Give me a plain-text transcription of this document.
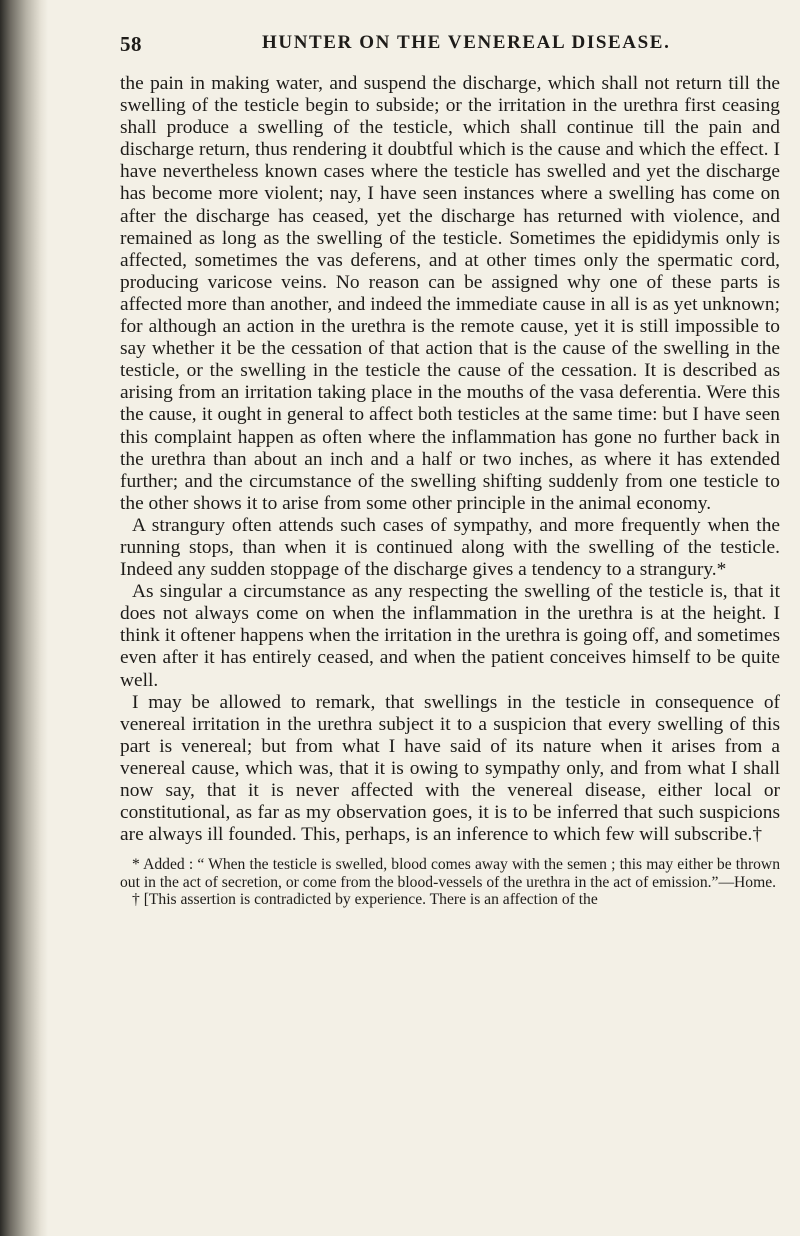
58	HUNTER ON THE VENEREAL DISEASE.

the pain in making water, and suspend the discharge, which shall not return till the swelling of the testicle begin to subside; or the irritation in the urethra first ceasing shall produce a swelling of the testicle, which shall continue till the pain and discharge return, thus rendering it doubtful which is the cause and which the effect. I have nevertheless known cases where the testicle has swelled and yet the discharge has become more violent; nay, I have seen instances where a swelling has come on after the discharge has ceased, yet the discharge has returned with violence, and remained as long as the swelling of the testicle. Sometimes the epididymis only is affected, sometimes the vas deferens, and at other times only the spermatic cord, producing varicose veins. No reason can be assigned why one of these parts is affected more than another, and indeed the immediate cause in all is as yet unknown; for although an action in the urethra is the remote cause, yet it is still impossible to say whether it be the cessation of that action that is the cause of the swelling in the testicle, or the swelling in the testicle the cause of the cessation. It is described as arising from an irritation taking place in the mouths of the vasa deferentia. Were this the cause, it ought in general to affect both testicles at the same time: but I have seen this complaint happen as often where the inflammation has gone no further back in the urethra than about an inch and a half or two inches, as where it has extended further; and the circumstance of the swelling shifting suddenly from one testicle to the other shows it to arise from some other principle in the animal economy.

A strangury often attends such cases of sympathy, and more frequently when the running stops, than when it is continued along with the swelling of the testicle. Indeed any sudden stoppage of the discharge gives a tendency to a strangury.*

As singular a circumstance as any respecting the swelling of the testicle is, that it does not always come on when the inflammation in the urethra is at the height. I think it oftener happens when the irritation in the urethra is going off, and sometimes even after it has entirely ceased, and when the patient conceives himself to be quite well.

I may be allowed to remark, that swellings in the testicle in consequence of venereal irritation in the urethra subject it to a suspicion that every swelling of this part is venereal; but from what I have said of its nature when it arises from a venereal cause, which was, that it is owing to sympathy only, and from what I shall now say, that it is never affected with the venereal disease, either local or constitutional, as far as my observation goes, it is to be inferred that such suspicions are always ill founded. This, perhaps, is an inference to which few will subscribe.†

* Added : “ When the testicle is swelled, blood comes away with the semen ; this may either be thrown out in the act of secretion, or come from the blood-vessels of the urethra in the act of emission.”—Home.

† [This assertion is contradicted by experience. There is an affection of the
